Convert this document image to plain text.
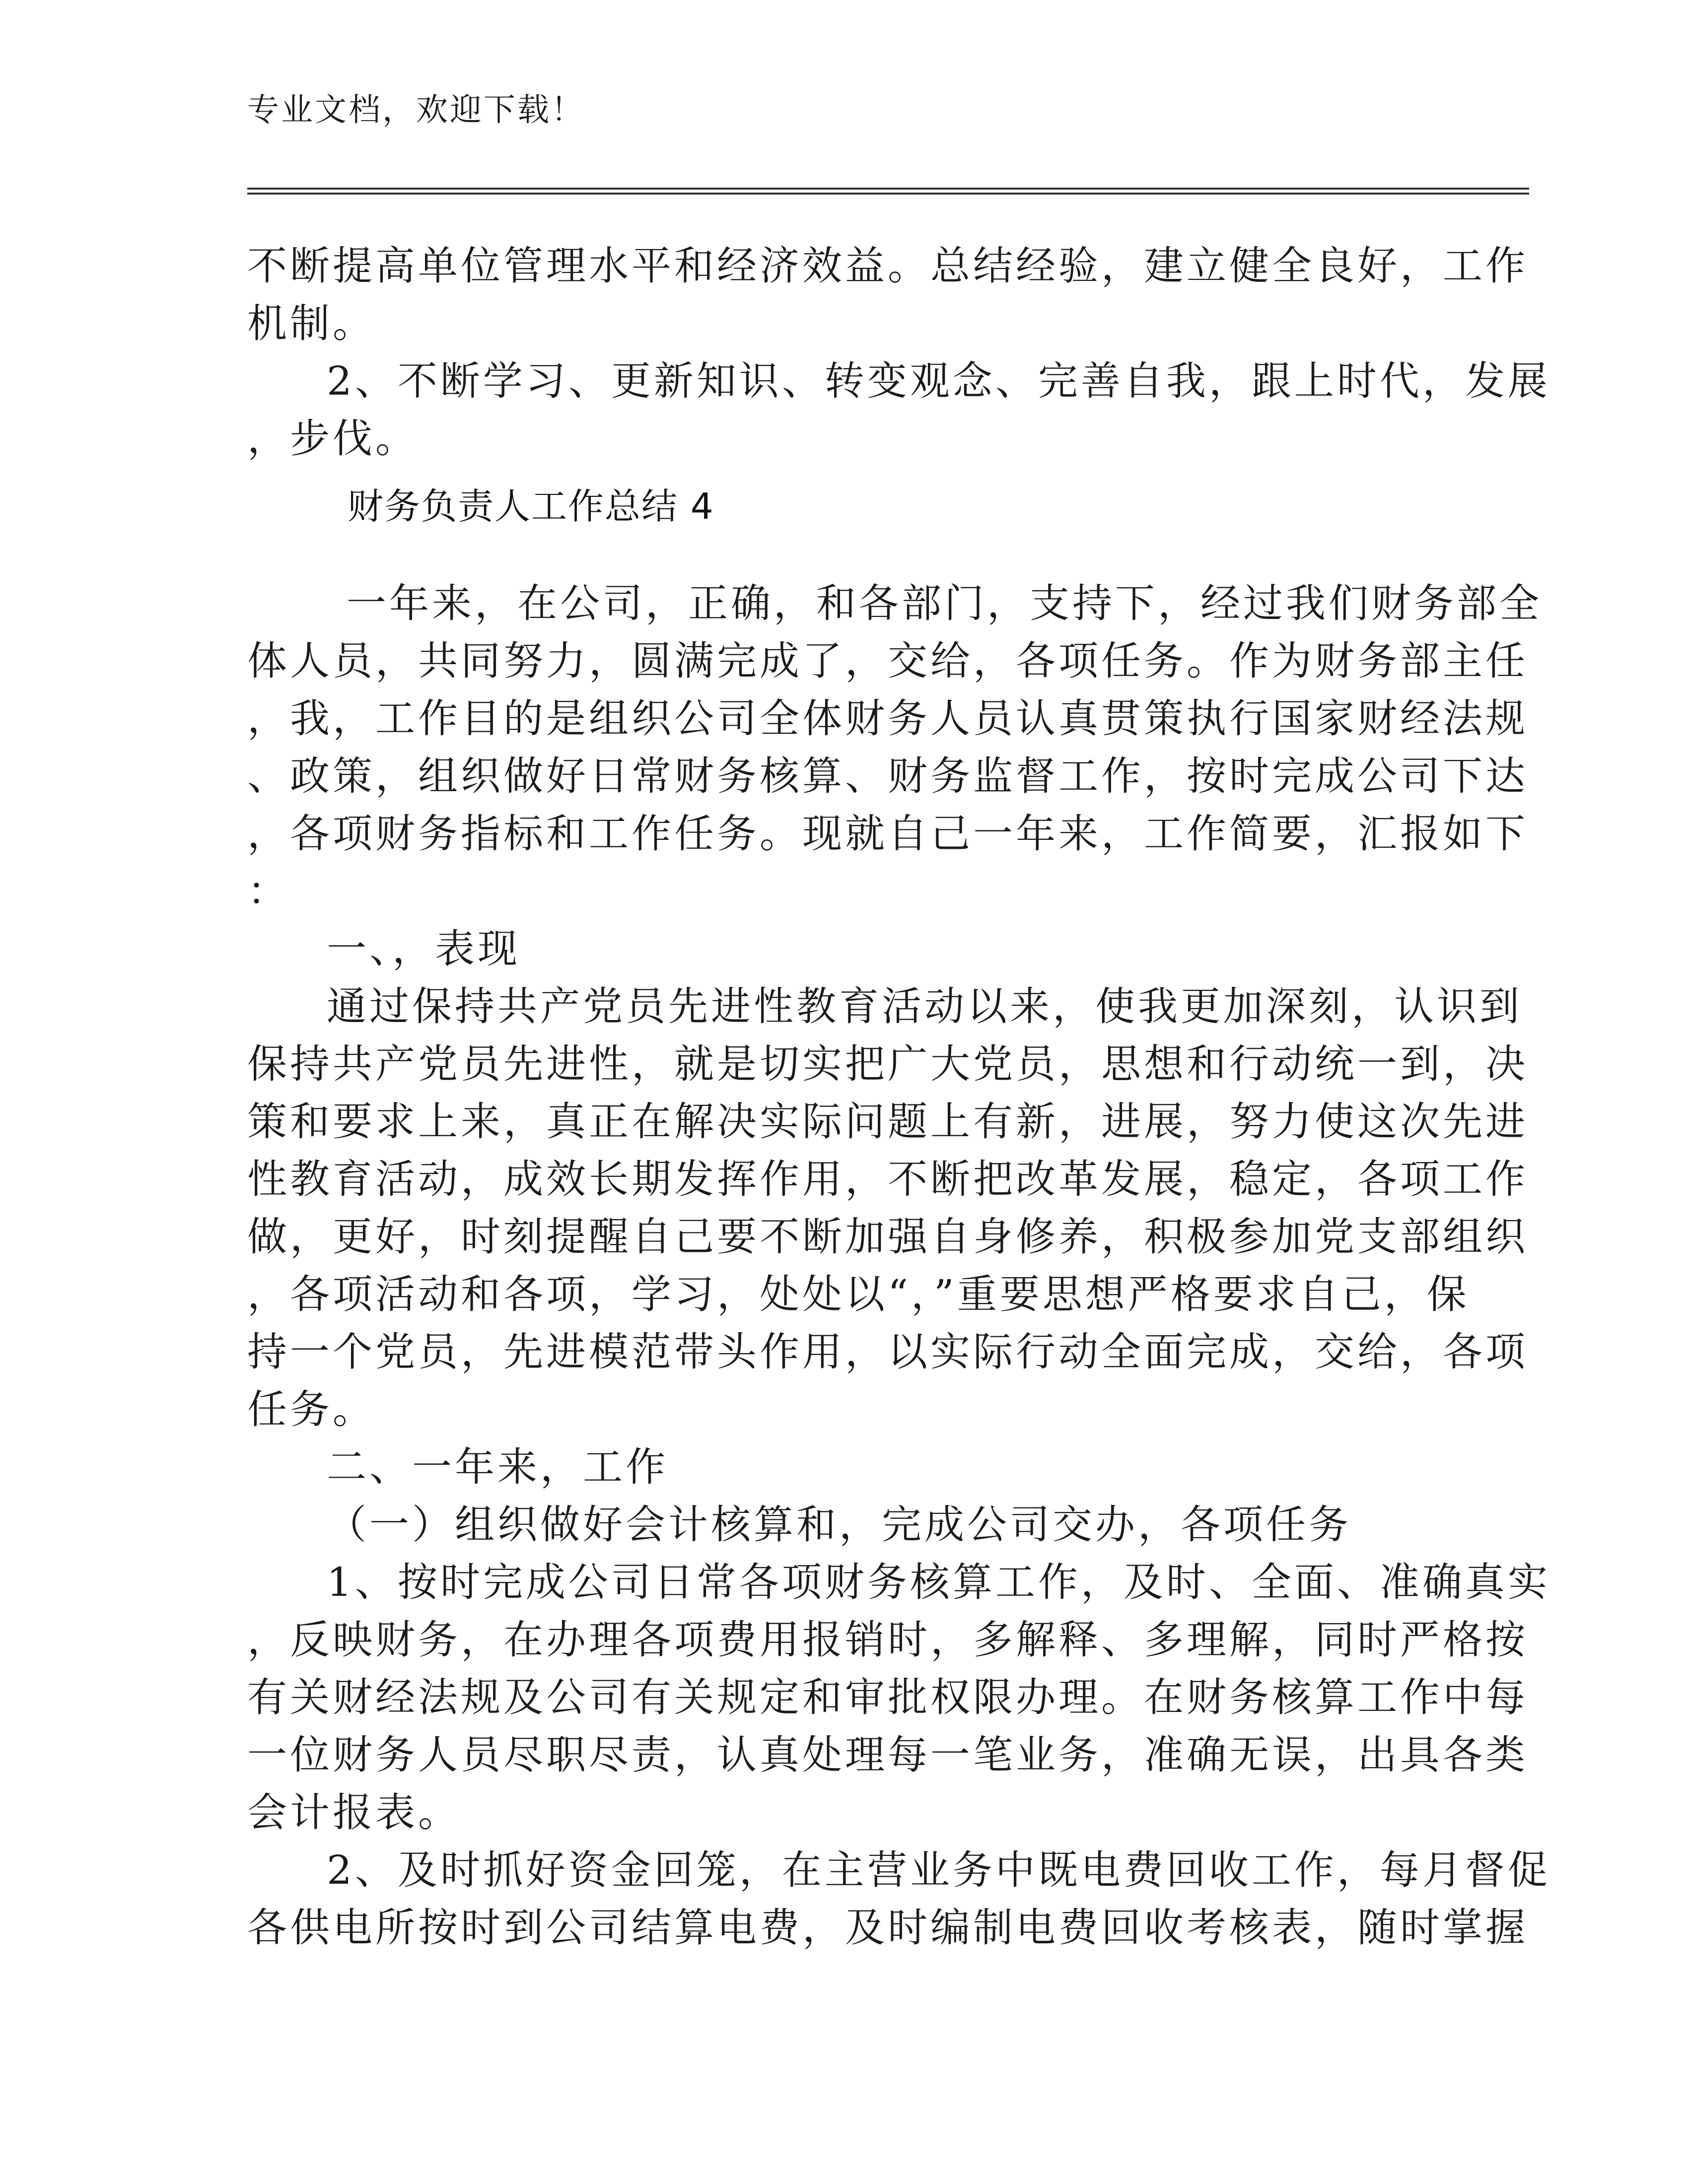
专业文档，欢迎下载！
不断提高单位管理水平和经济效益。总结经验，建立健全良好，工作
机制。
2、不断学习、更新知识、转变观念、完善自我，跟上时代，发展
，步伐。
财务负责人工作总结 4
一年来，在公司，正确，和各部门，支持下，经过我们财务部全
体人员，共同努力，圆满完成了，交给，各项任务。作为财务部主任
，我，工作目的是组织公司全体财务人员认真贯策执行国家财经法规
、政策，组织做好日常财务核算、财务监督工作，按时完成公司下达
，各项财务指标和工作任务。现就自己一年来，工作简要，汇报如下
：
一、，表现
通过保持共产党员先进性教育活动以来，使我更加深刻，认识到
保持共产党员先进性，就是切实把广大党员，思想和行动统一到，决
策和要求上来，真正在解决实际问题上有新，进展，努力使这次先进
性教育活动，成效长期发挥作用，不断把改革发展，稳定，各项工作
做，更好，时刻提醒自己要不断加强自身修养，积极参加党支部组织
，各项活动和各项，学习，处处以“，”重要思想严格要求自己，保
持一个党员，先进模范带头作用，以实际行动全面完成，交给，各项
任务。
二、一年来，工作
（一）组织做好会计核算和，完成公司交办，各项任务
1、按时完成公司日常各项财务核算工作，及时、全面、准确真实
，反映财务，在办理各项费用报销时，多解释、多理解，同时严格按
有关财经法规及公司有关规定和审批权限办理。在财务核算工作中每
一位财务人员尽职尽责，认真处理每一笔业务，准确无误，出具各类
会计报表。
2、及时抓好资金回笼，在主营业务中既电费回收工作，每月督促
各供电所按时到公司结算电费，及时编制电费回收考核表，随时掌握
